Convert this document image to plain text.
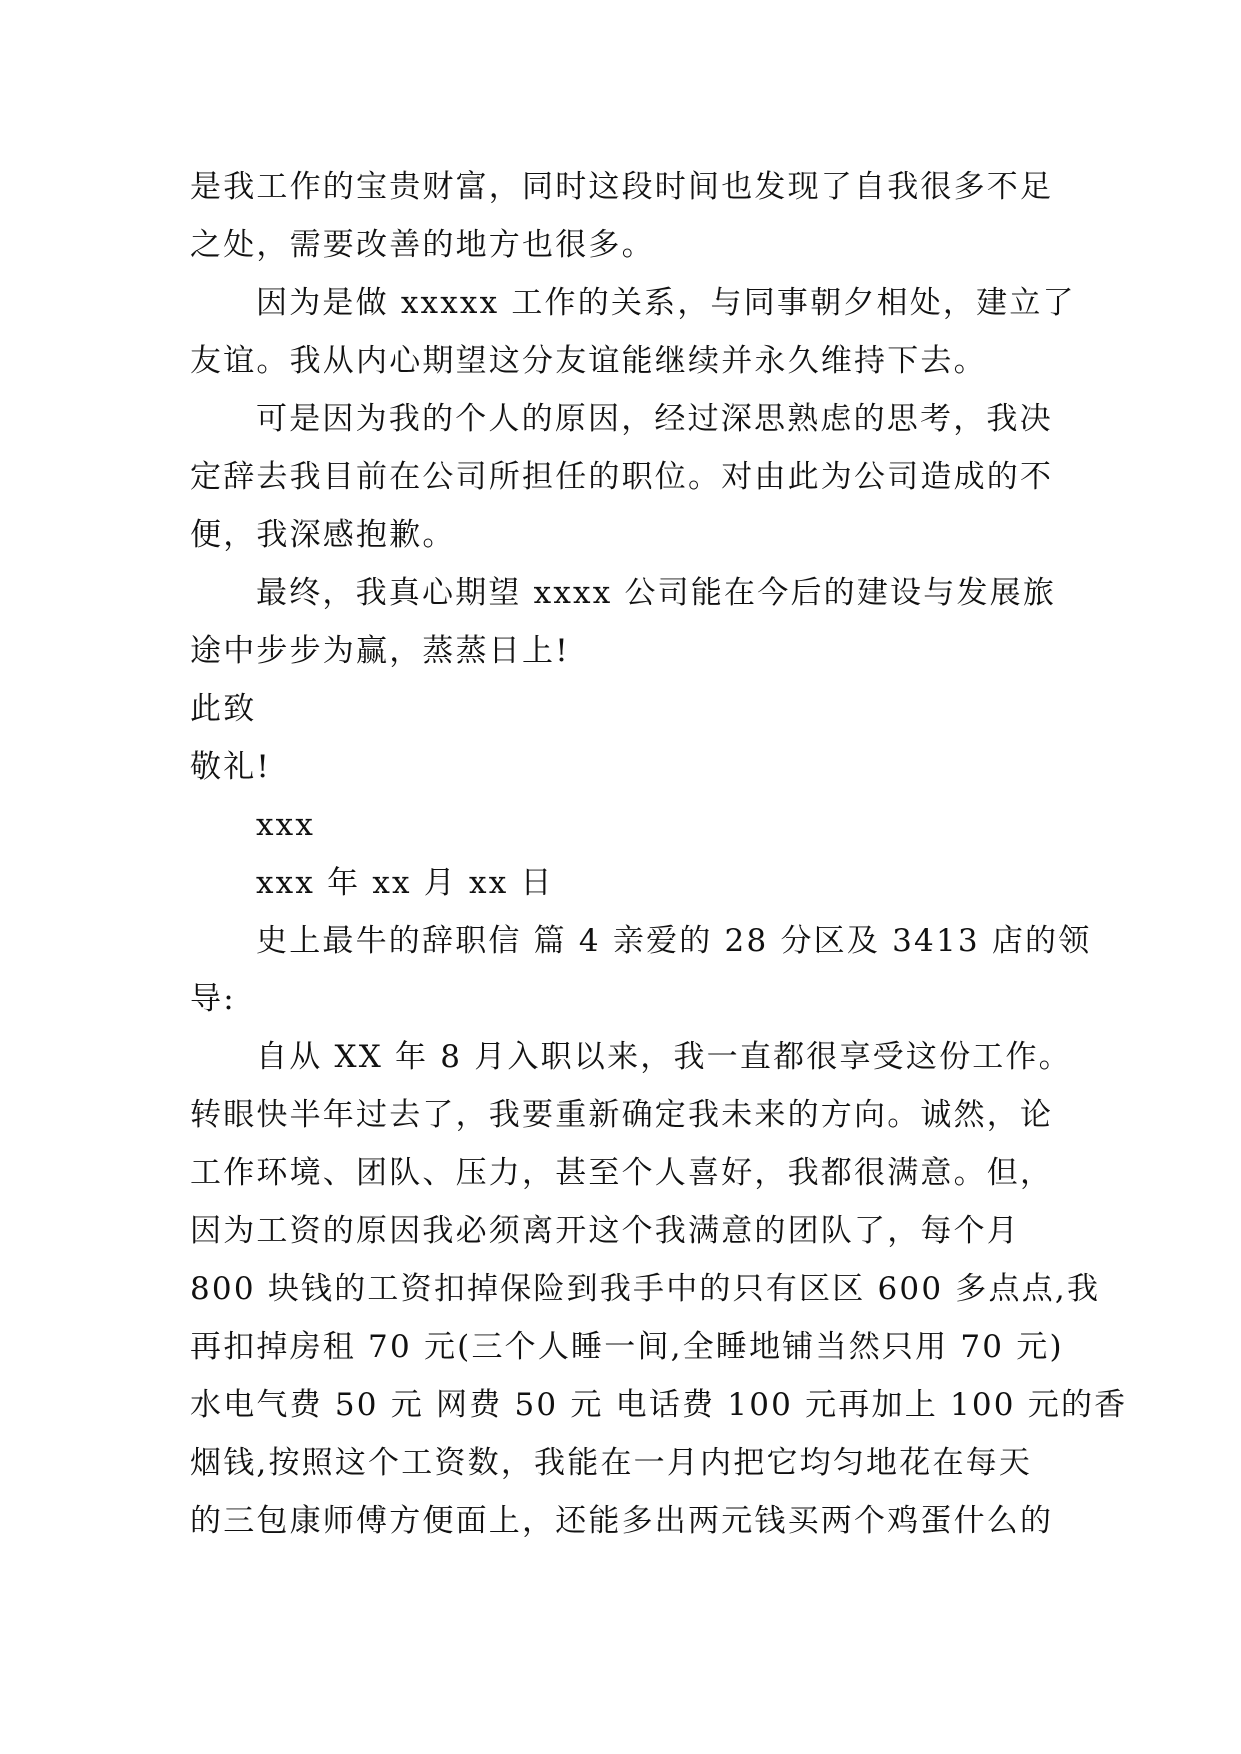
是我工作的宝贵财富，同时这段时间也发现了自我很多不足
之处，需要改善的地方也很多。
因为是做 xxxxx 工作的关系，与同事朝夕相处，建立了
友谊。我从内心期望这分友谊能继续并永久维持下去。
可是因为我的个人的原因，经过深思熟虑的思考，我决
定辞去我目前在公司所担任的职位。对由此为公司造成的不
便，我深感抱歉。
最终，我真心期望 xxxx 公司能在今后的建设与发展旅
途中步步为赢，蒸蒸日上!
此致
敬礼!
xxx
xxx 年 xx 月 xx 日
史上最牛的辞职信 篇 4 亲爱的 28 分区及 3413 店的领
导:
自从 XX 年 8 月入职以来，我一直都很享受这份工作。
转眼快半年过去了，我要重新确定我未来的方向。诚然，论
工作环境、团队、压力，甚至个人喜好，我都很满意。但，
因为工资的原因我必须离开这个我满意的团队了，每个月
800 块钱的工资扣掉保险到我手中的只有区区 600 多点点,我
再扣掉房租 70 元(三个人睡一间,全睡地铺当然只用 70 元)
水电气费 50 元 网费 50 元 电话费 100 元再加上 100 元的香
烟钱,按照这个工资数，我能在一月内把它均匀地花在每天
的三包康师傅方便面上，还能多出两元钱买两个鸡蛋什么的
